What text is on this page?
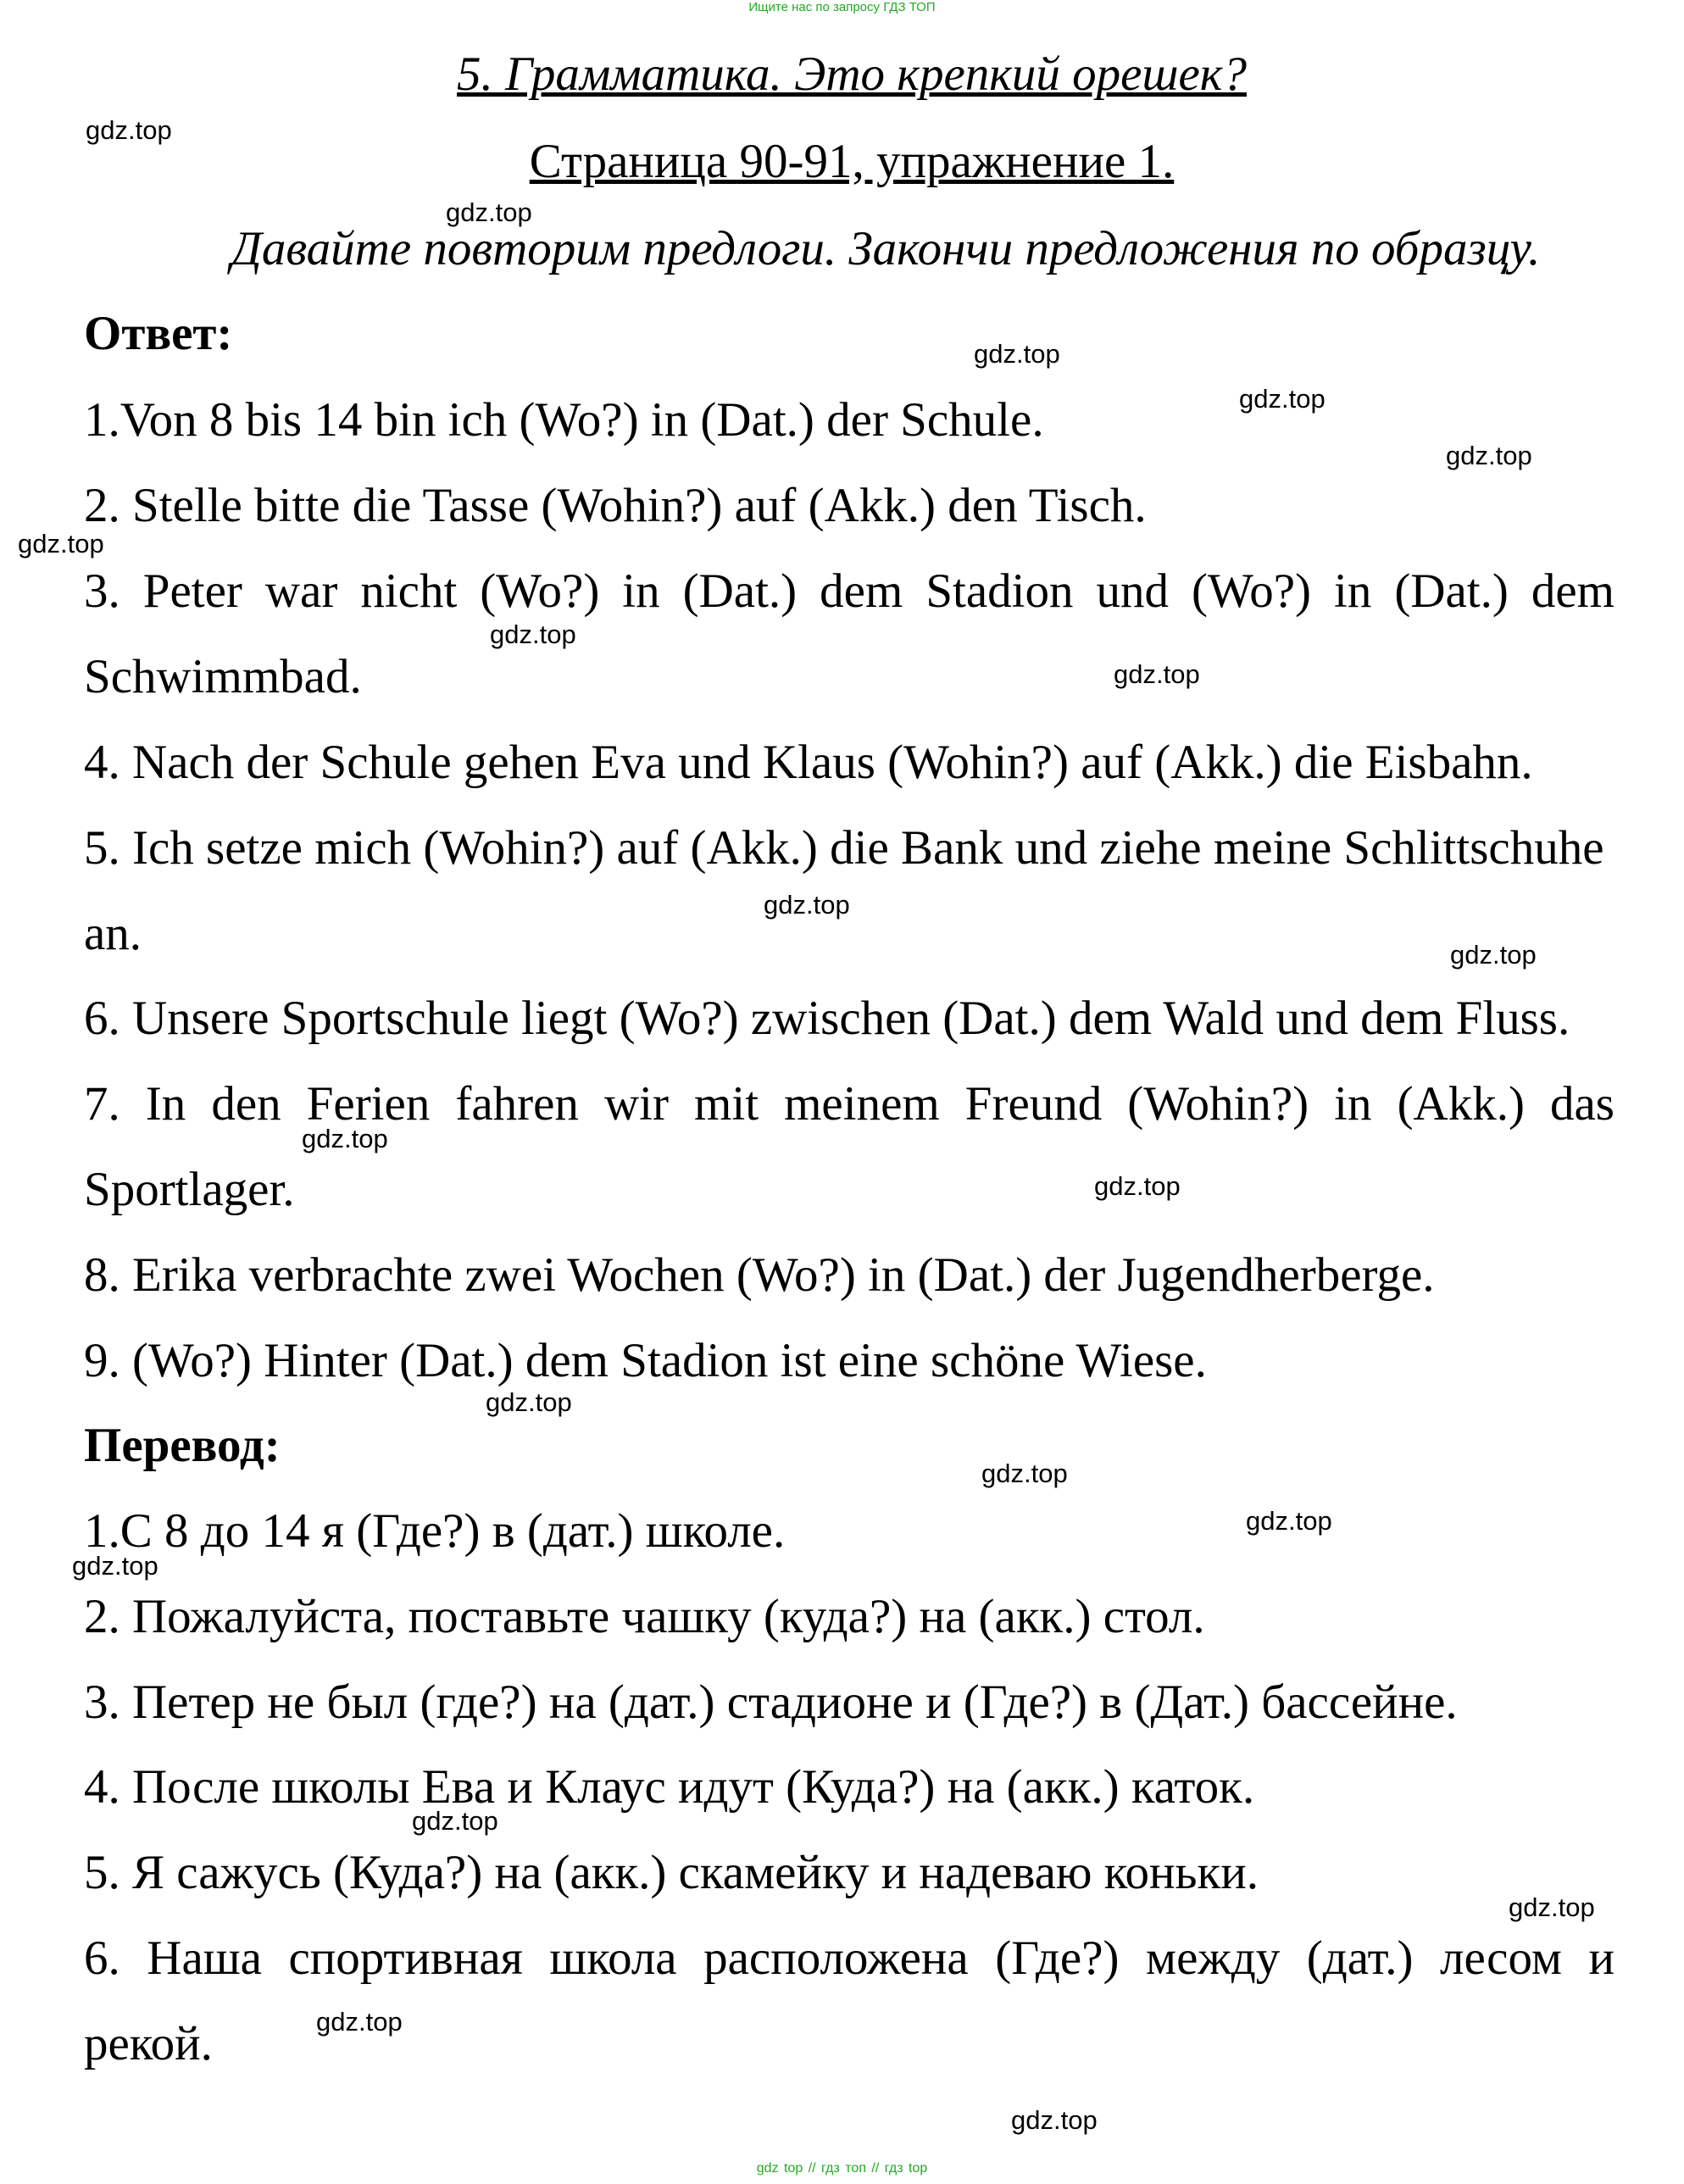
Ищите нас по запросу ГДЗ ТОП
5. Грамматика. Это крепкий орешек?
Страница 90-91, упражнение 1.
Давайте повторим предлоги. Закончи предложения по образцу.
Ответ:
1.Von 8 bis 14 bin ich (Wo?) in (Dat.) der Schule.
2. Stelle bitte die Tasse (Wohin?) auf (Akk.) den Tisch.
3. Peter war nicht (Wo?) in (Dat.) dem Stadion und (Wo?) in (Dat.) dem
Schwimmbad.
4. Nach der Schule gehen Eva und Klaus (Wohin?) auf (Akk.) die Eisbahn.
5. Ich setze mich (Wohin?) auf (Akk.) die Bank und ziehe meine Schlittschuhe
an.
6. Unsere Sportschule liegt (Wo?) zwischen (Dat.) dem Wald und dem Fluss.
7. In den Ferien fahren wir mit meinem Freund (Wohin?) in (Akk.) das
Sportlager.
8. Erika verbrachte zwei Wochen (Wo?) in (Dat.) der Jugendherberge.
9. (Wo?) Hinter (Dat.) dem Stadion ist eine schöne Wiese.
Перевод:
1.С 8 до 14 я (Где?) в (дат.) школе.
2. Пожалуйста, поставьте чашку (куда?) на (акк.) стол.
3. Петер не был (где?) на (дат.) стадионе и (Где?) в (Дат.) бассейне.
4. После школы Ева и Клаус идут (Куда?) на (акк.) каток.
5. Я сажусь (Куда?) на (акк.) скамейку и надеваю коньки.
6. Наша спортивная школа расположена (Где?) между (дат.) лесом и
рекой.
gdz.top
gdz.top
gdz.top
gdz.top
gdz.top
gdz.top
gdz.top
gdz.top
gdz.top
gdz.top
gdz.top
gdz.top
gdz.top
gdz.top
gdz.top
gdz.top
gdz.top
gdz.top
gdz.top
gdz.top
gdz top // гдз топ // гдз top
